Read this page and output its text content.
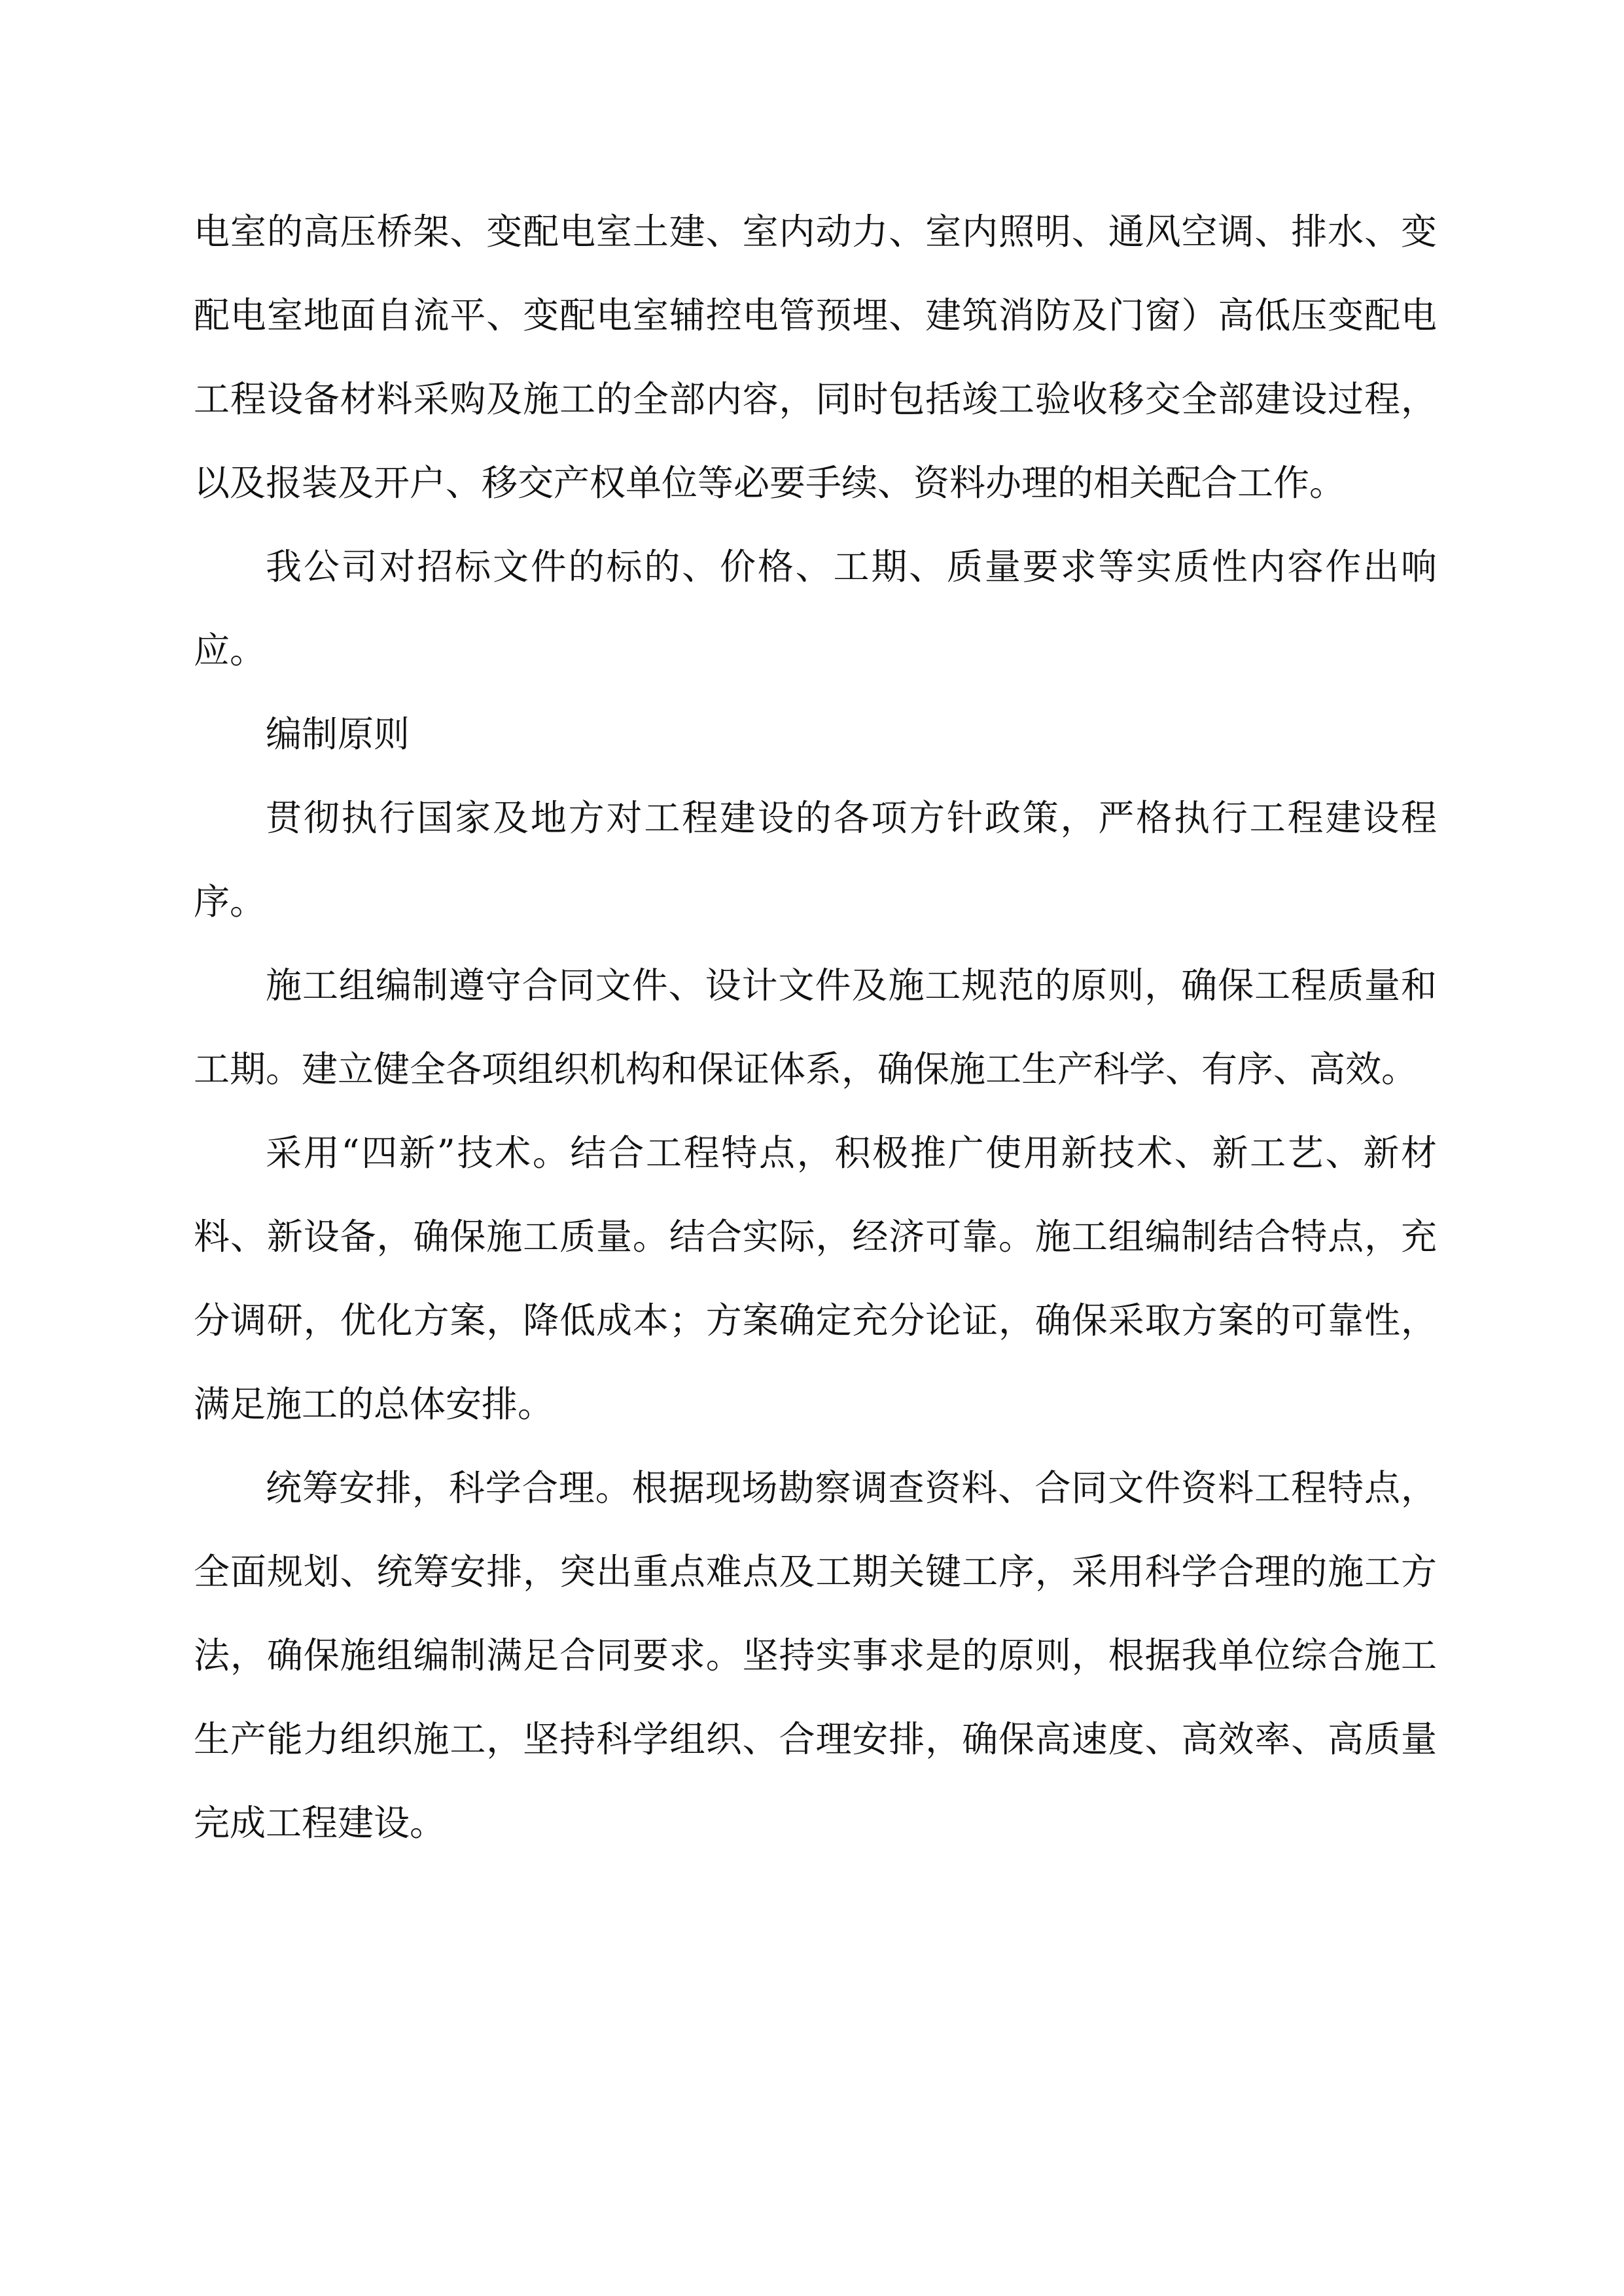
电室的高压桥架、变配电室土建、室内动力、室内照明、通风空调、排水、变配电室地面自流平、变配电室辅控电管预埋、建筑消防及门窗）高低压变配电工程设备材料采购及施工的全部内容，同时包括竣工验收移交全部建设过程，以及报装及开户、移交产权单位等必要手续、资料办理的相关配合工作。

我公司对招标文件的标的、价格、工期、质量要求等实质性内容作出响应。

编制原则

贯彻执行国家及地方对工程建设的各项方针政策，严格执行工程建设程序。

施工组编制遵守合同文件、设计文件及施工规范的原则，确保工程质量和工期。建立健全各项组织机构和保证体系，确保施工生产科学、有序、高效。

采用“四新”技术。结合工程特点，积极推广使用新技术、新工艺、新材料、新设备，确保施工质量。结合实际，经济可靠。施工组编制结合特点，充分调研，优化方案，降低成本；方案确定充分论证，确保采取方案的可靠性，满足施工的总体安排。

统筹安排，科学合理。根据现场勘察调查资料、合同文件资料工程特点，全面规划、统筹安排，突出重点难点及工期关键工序，采用科学合理的施工方法，确保施组编制满足合同要求。坚持实事求是的原则，根据我单位综合施工生产能力组织施工，坚持科学组织、合理安排，确保高速度、高效率、高质量完成工程建设。
